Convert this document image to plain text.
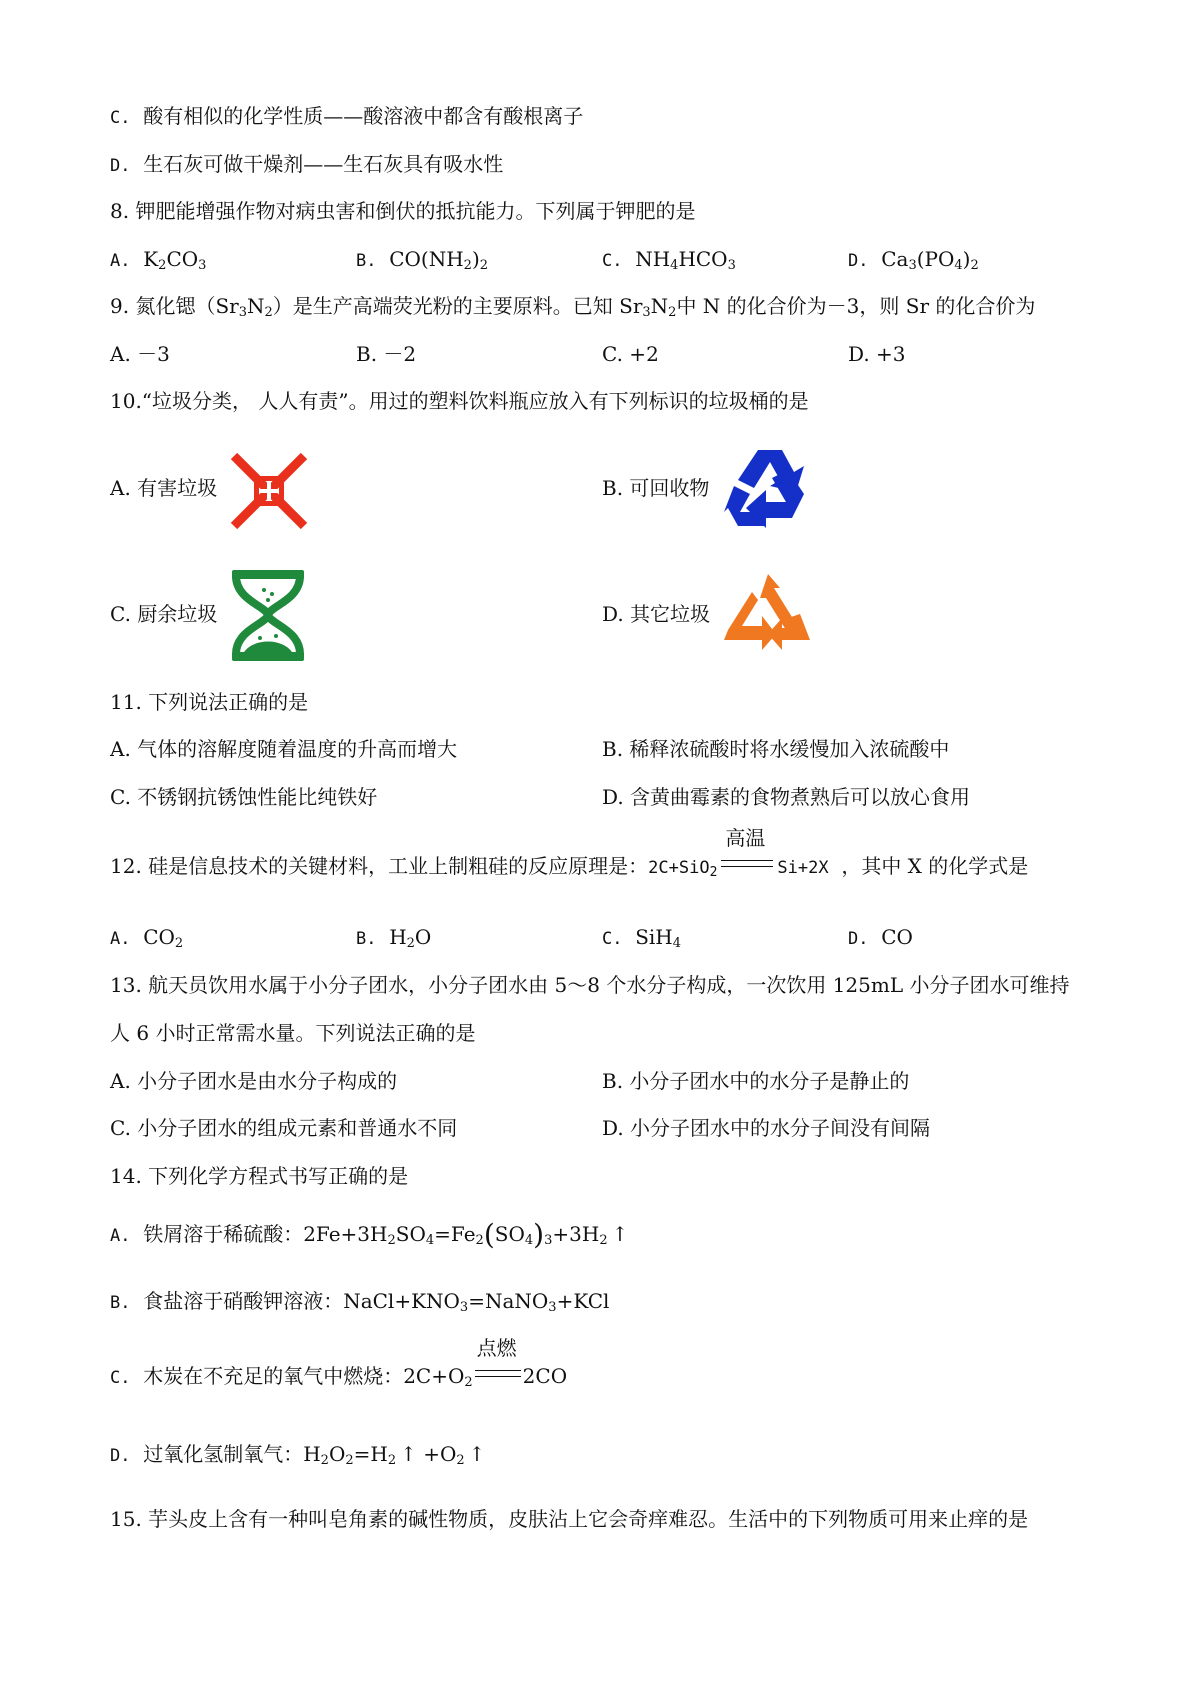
C. 酸有相似的化学性质——酸溶液中都含有酸根离子
D. 生石灰可做干燥剂——生石灰具有吸水性
8. 钾肥能增强作物对病虫害和倒伏的抵抗能力。下列属于钾肥的是
A. $K_2CO_3$	B. $CO(NH_2)_2$	C. $NH_4HCO_3$	D. $Ca_3(PO_4)_2$
9. 氮化锶$(Sr_3N_2)$是生产高端荧光粉的主要原料。已知 $Sr_3N_2$中 N 的化合价为－3，则 Sr 的化合价为
A. －3	B. －2	C. +2	D. +3
10.“垃圾分类， 人人有责”。用过的塑料饮料瓶应放入有下列标识的垃圾桶的是
A. 有害垃圾	B. 可回收物
C. 厨余垃圾	D. 其它垃圾
11. 下列说法正确的是
A. 气体的溶解度随着温度的升高而增大	B. 稀释浓硫酸时将水缓慢加入浓硫酸中
C. 不锈钢抗锈蚀性能比纯铁好	D. 含黄曲霉素的食物煮熟后可以放心食用
12. 硅是信息技术的关键材料，工业上制粗硅的反应原理是：2C+SiO$_2$
高温
Si+2X ，其中 X 的化学式是
A.  $CO_2$	B.  $H_2O$	C.  SiH$_4$	D. CO
13. 航天员饮用水属于小分子团水，小分子团水由 5～8 个水分子构成，一次饮用 125mL 小分子团水可维持
人 6 小时正常需水量。下列说法正确的是
A. 小分子团水是由水分子构成的	B. 小分子团水中的水分子是静止的
C. 小分子团水的组成元素和普通水不同	D. 小分子团水中的水分子间没有间隔
14. 下列化学方程式书写正确的是
A. 铁屑溶于稀硫酸：$2Fe+3H_2SO_4=Fe_2(SO_4)_3+3H_2$ ↑
B. 食盐溶于硝酸钾溶液：$NaCl+KNO_3=NaNO_3+KCl$
C. 木炭在不充足的氧气中燃烧：$2C+O_2$
点燃
2CO
D. 过氧化氢制氧气：$H_2O_2=H_2$ ↑ $+O_2$ ↑
15. 芋头皮上含有一种叫皂角素的碱性物质，皮肤沾上它会奇痒难忍。生活中的下列物质可用来止痒的是
